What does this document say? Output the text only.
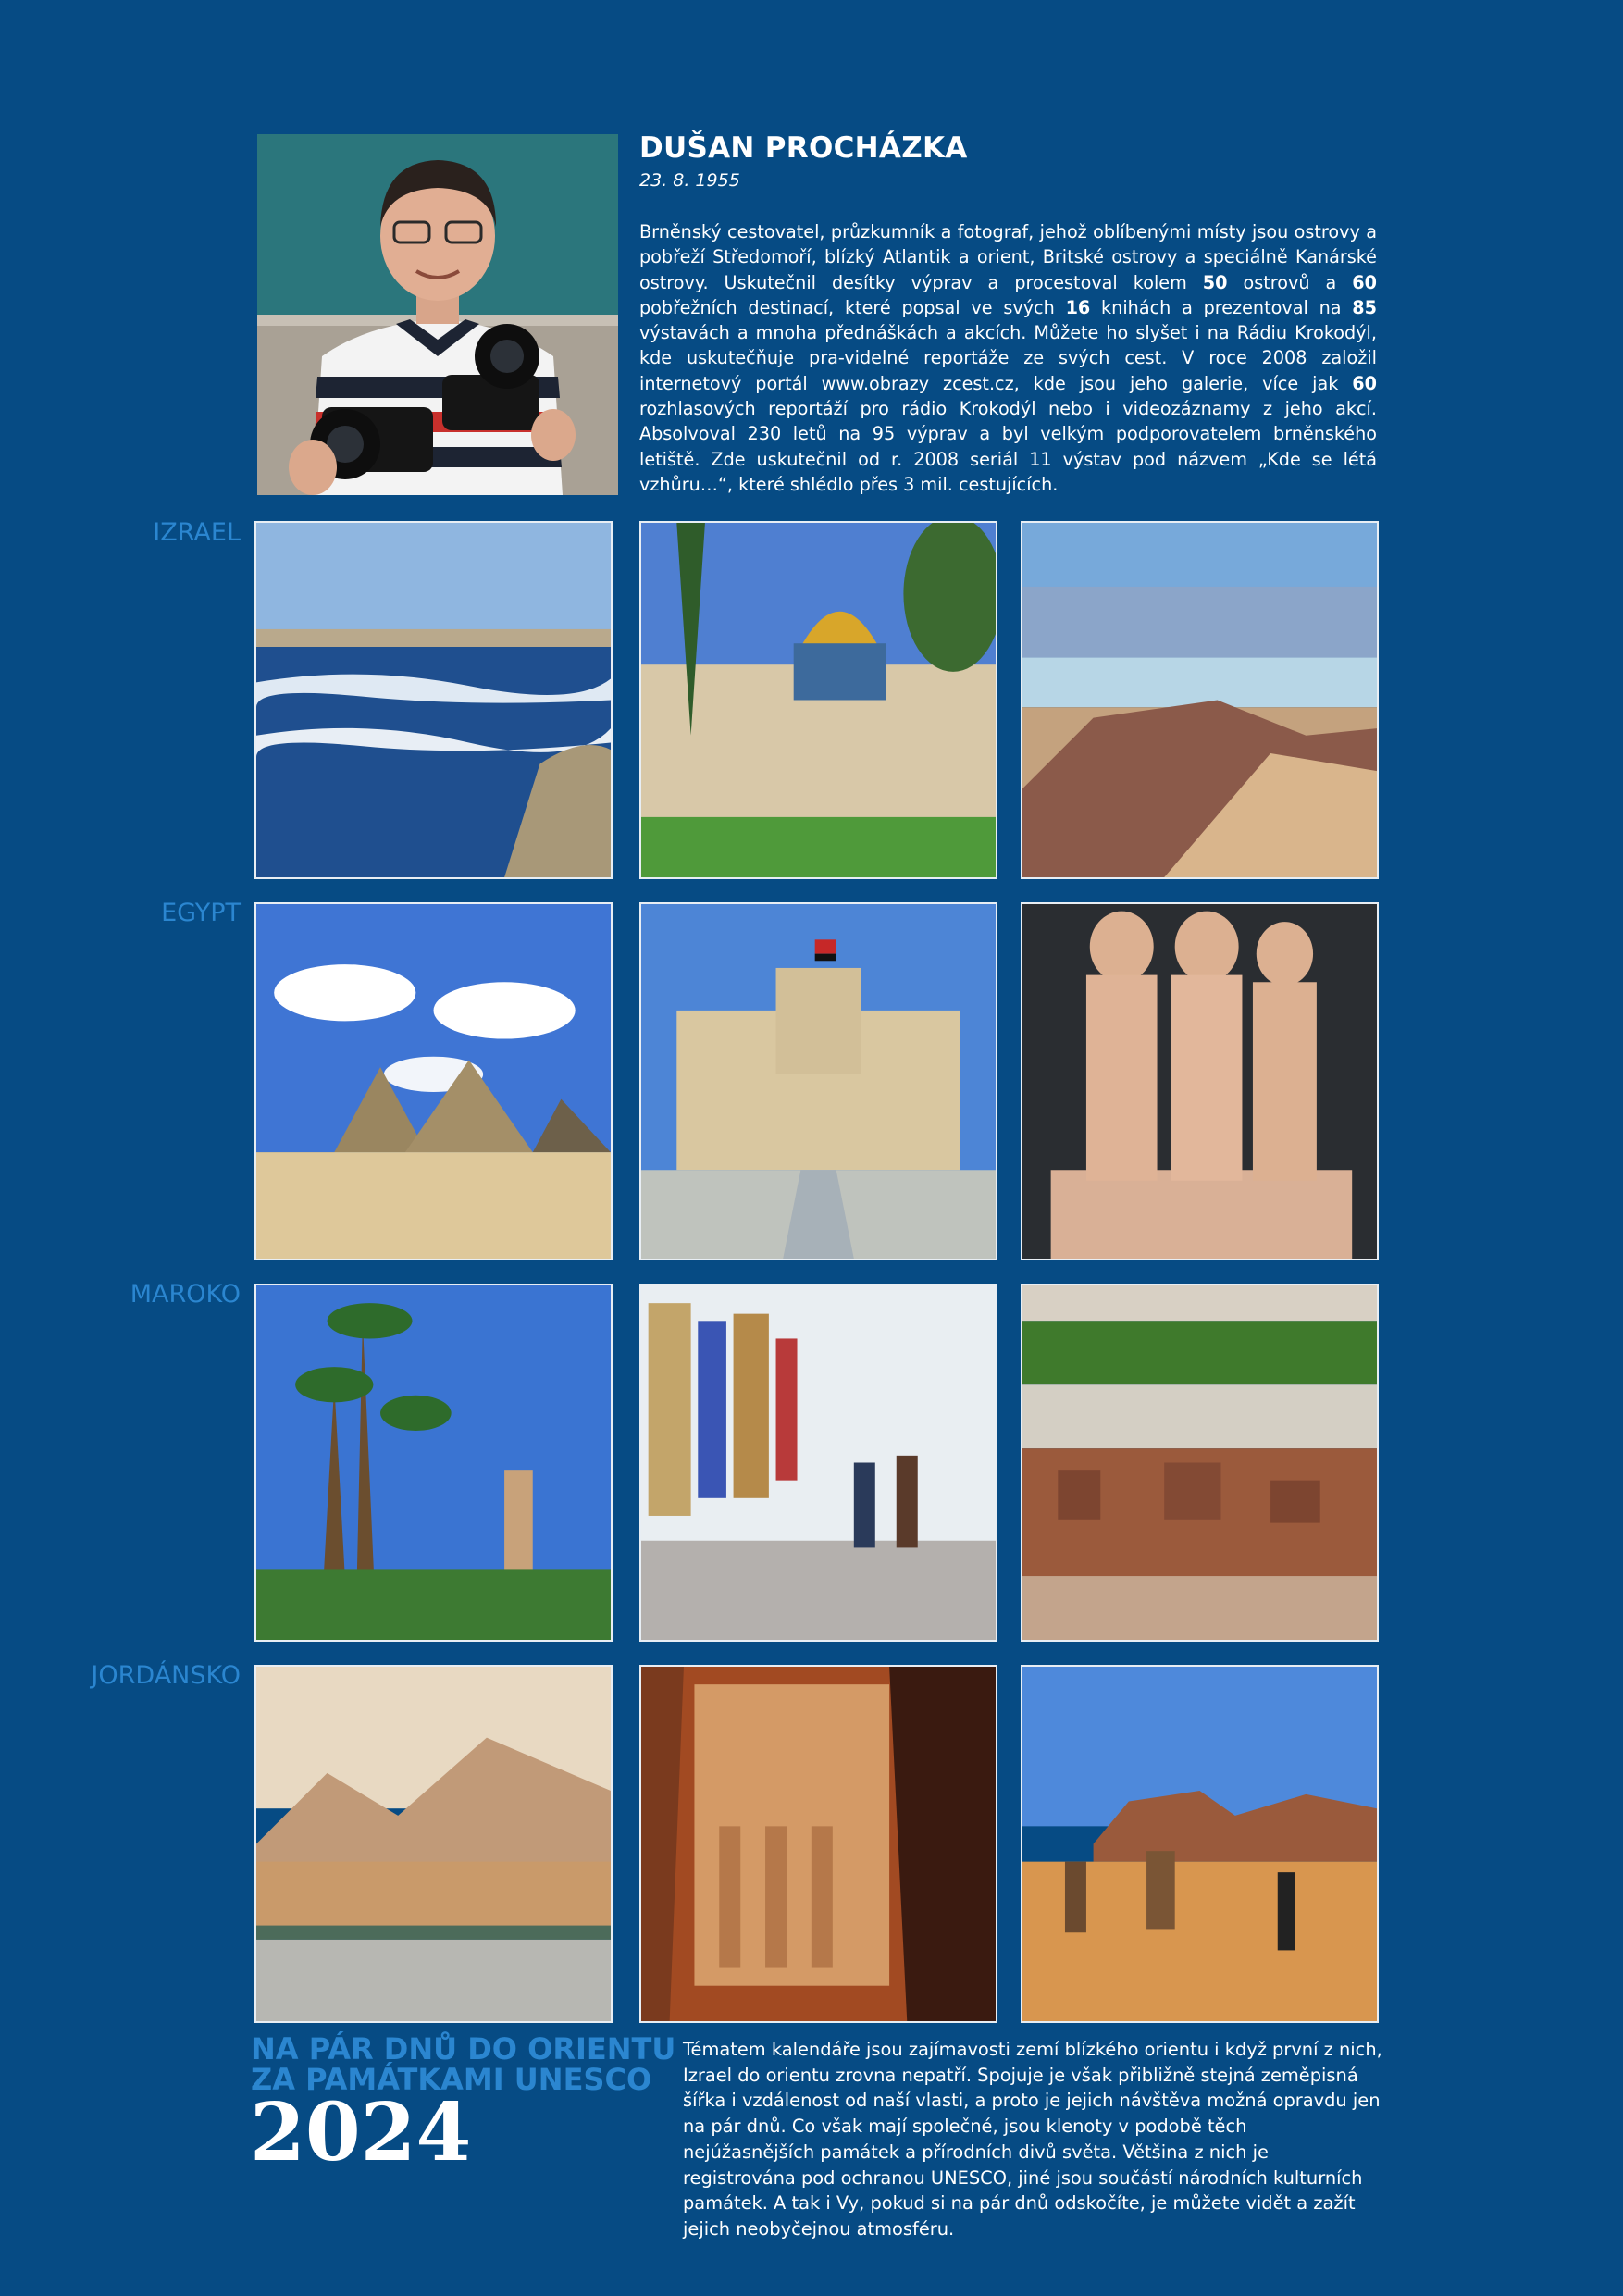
DUŠAN PROCHÁZKA
23. 8. 1955
Brněnský cestovatel, průzkumník a fotograf, jehož oblíbenými místy jsou ostrovy a pobřeží Středomoří, blízký Atlantik a orient, Britské ostrovy a speciálně Kanárské ostrovy. Uskutečnil desítky výprav a procestoval kolem 50 ostrovů a 60 pobřežních destinací, které popsal ve svých 16 knihách a prezentoval na 85 výstavách a mnoha přednáškách a akcích. Můžete ho slyšet i na Rádiu Krokodýl, kde uskutečňuje pra-videlné reportáže ze svých cest. V roce 2008 založil internetový portál www.obrazy zcest.cz, kde jsou jeho galerie, více jak 60 rozhlasových reportáží pro rádio Krokodýl nebo i videozáznamy z jeho akcí. Absolvoval 230 letů na 95 výprav a byl velkým podporovatelem brněnského letiště. Zde uskutečnil od r. 2008 seriál 11 výstav pod názvem „Kde se létá vzhůru…“, které shlédlo přes 3 mil. cestujících.
IZRAEL
EGYPT
MAROKO
JORDÁNSKO
NA PÁR DNŮ DO ORIENTU
ZA PAMÁTKAMI UNESCO
2024
Tématem kalendáře jsou zajímavosti zemí blízkého orientu i když první z nich, Izrael do orientu zrovna nepatří. Spojuje je však přibližně stejná zeměpisná šířka i vzdálenost od naší vlasti, a proto je jejich návštěva možná opravdu jen na pár dnů. Co však mají společné, jsou klenoty v podobě těch nejúžasnějších památek a přírodních divů světa. Většina z nich je registrována pod ochranou UNESCO, jiné jsou součástí národních kulturních památek. A tak i Vy, pokud si na pár dnů odskočíte, je můžete vidět a zažít jejich neobyčejnou atmosféru.
